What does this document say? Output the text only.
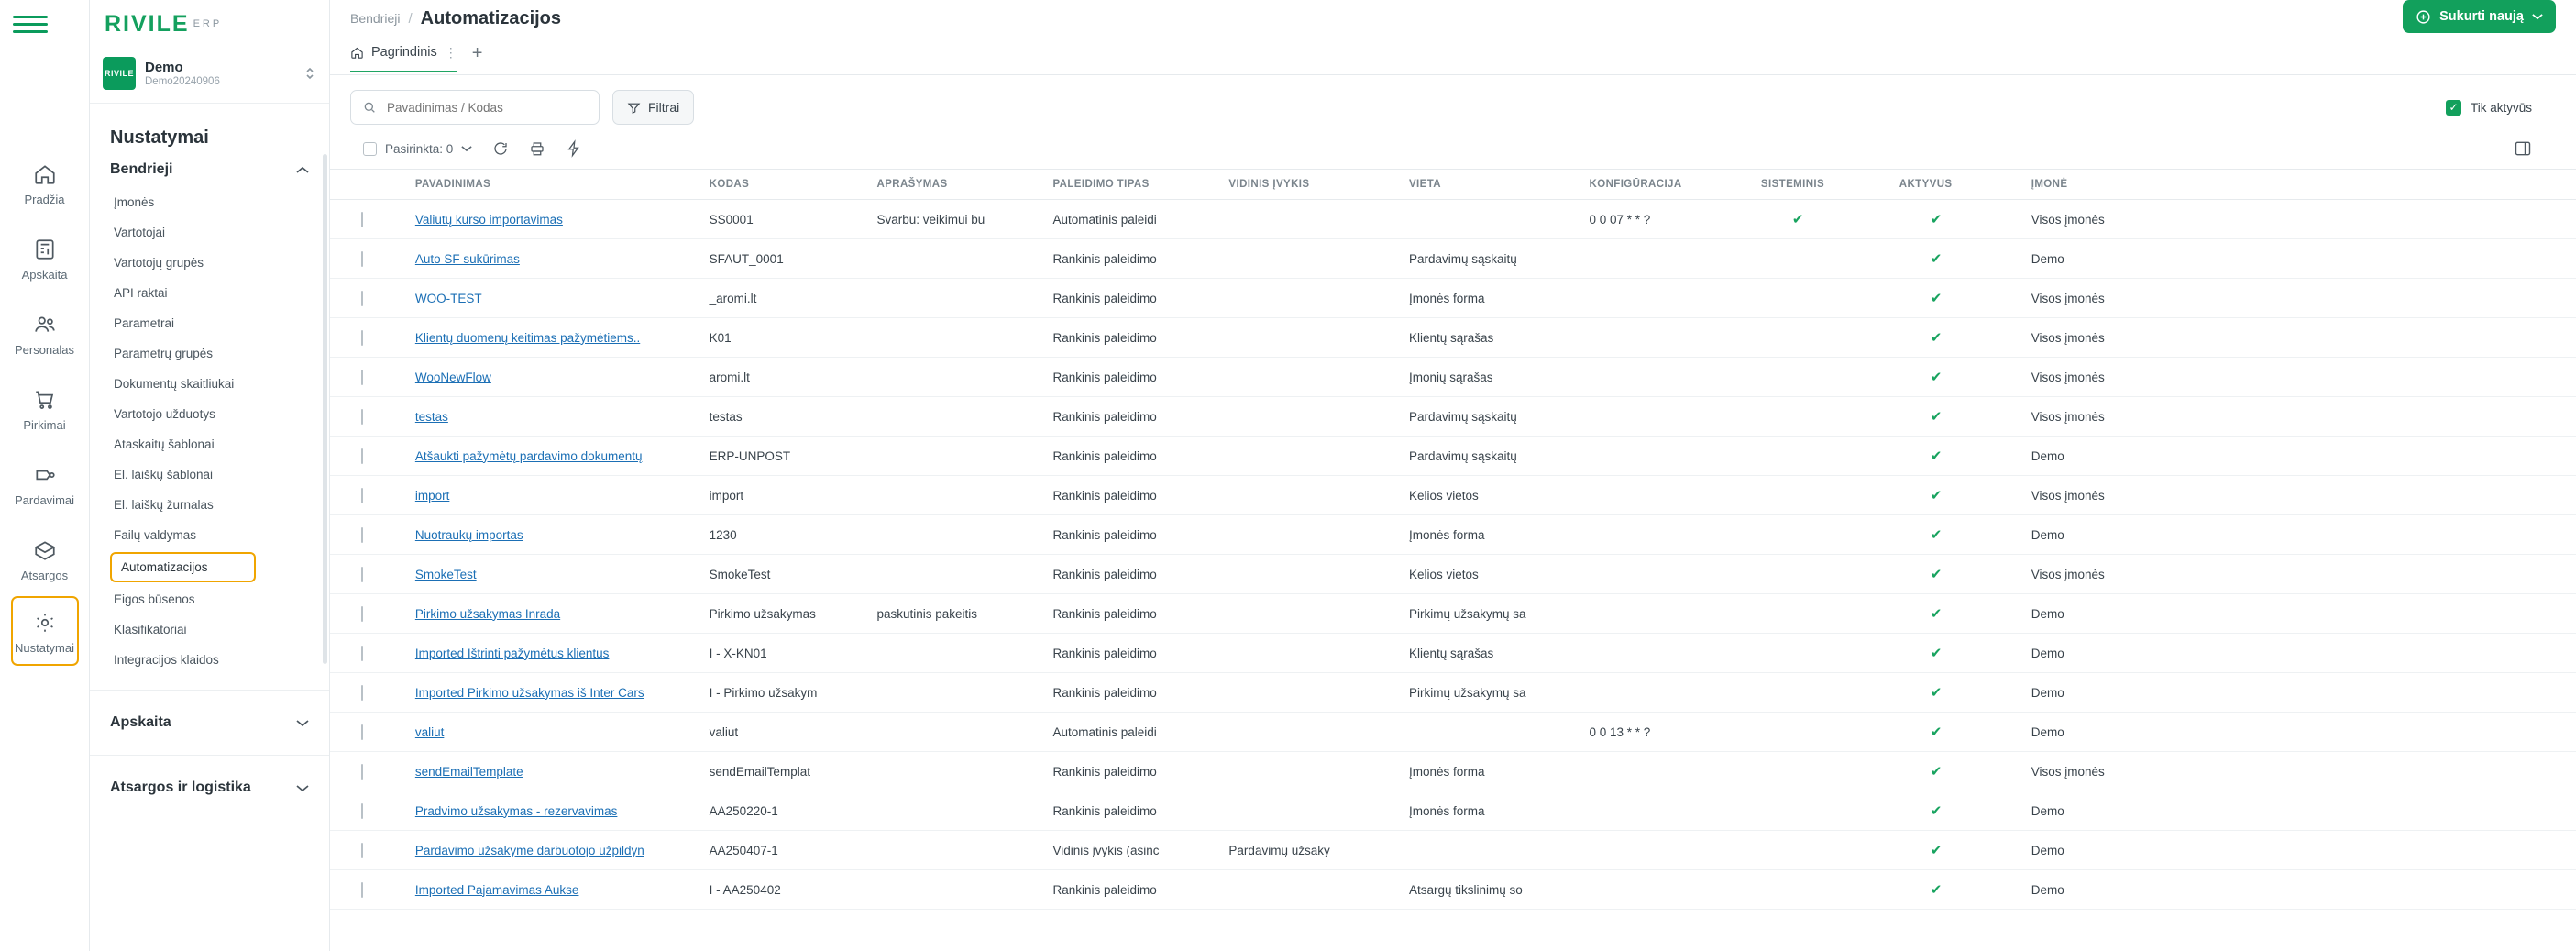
Pradžia
Apskaita
Personalas
Pirkimai
Pardavimai
Atsargos
Nustatymai
RIVILE ERP
RIVILE Demo
Demo20240906
Nustatymai
Bendrieji
Įmonės
Vartotojai
Vartotojų grupės
API raktai
Parametrai
Parametrų grupės
Dokumentų skaitliukai
Vartotojo užduotys
Ataskaitų šablonai
El. laiškų šablonai
El. laiškų žurnalas
Failų valdymas
Automatizacijos
Eigos būsenos
Klasifikatoriai
Integracijos klaidos
Apskaita
Atsargos ir logistika
Bendrieji / Automatizacijos	Sukurti naują
Pagrindinis ⋮ +
Pavadinimas / Kodas
Filtrai	✓ Tik aktyvūs
Pasirinkta: 0
	PAVADINIMAS	KODAS	APRAŠYMAS	PALEIDIMO TIPAS	VIDINIS ĮVYKIS	VIETA	KONFIGŪRACIJA	SISTEMINIS	AKTYVUS	ĮMONĖ	
	Valiutų kurso importavimas	SS0001	Svarbu: veikimui bu	Automatinis paleidi			0 0 07 * * ?	✔	✔	Visos įmonės	
	Auto SF sukūrimas	SFAUT_0001		Rankinis paleidimo		Pardavimų sąskaitų			✔	Demo	
	WOO-TEST	_aromi.lt		Rankinis paleidimo		Įmonės forma			✔	Visos įmonės	
	Klientų duomenų keitimas pažymėtiems..	K01		Rankinis paleidimo		Klientų sąrašas			✔	Visos įmonės	
	WooNewFlow	aromi.lt		Rankinis paleidimo		Įmonių sąrašas			✔	Visos įmonės	
	testas	testas		Rankinis paleidimo		Pardavimų sąskaitų			✔	Visos įmonės	
	Atšaukti pažymėtų pardavimo dokumentų	ERP-UNPOST		Rankinis paleidimo		Pardavimų sąskaitų			✔	Demo	
	import	import		Rankinis paleidimo		Kelios vietos			✔	Visos įmonės	
	Nuotraukų importas	1230		Rankinis paleidimo		Įmonės forma			✔	Demo	
	SmokeTest	SmokeTest		Rankinis paleidimo		Kelios vietos			✔	Visos įmonės	
	Pirkimo užsakymas Inrada	Pirkimo užsakymas	paskutinis pakeitis	Rankinis paleidimo		Pirkimų užsakymų sa			✔	Demo	
	Imported Ištrinti pažymėtus klientus	I - X-KN01		Rankinis paleidimo		Klientų sąrašas			✔	Demo	
	Imported Pirkimo užsakymas iš Inter Cars	I - Pirkimo užsakym		Rankinis paleidimo		Pirkimų užsakymų sa			✔	Demo	
	valiut	valiut		Automatinis paleidi			0 0 13 * * ?		✔	Demo	
	sendEmailTemplate	sendEmailTemplat		Rankinis paleidimo		Įmonės forma			✔	Visos įmonės	
	Pradvimo užsakymas - rezervavimas	AA250220-1		Rankinis paleidimo		Įmonės forma			✔	Demo	
	Pardavimo užsakyme darbuotojo užpildyn	AA250407-1		Vidinis įvykis (asinc	Pardavimų užsaky				✔	Demo	
	Imported Pajamavimas Aukse	I - AA250402		Rankinis paleidimo		Atsargų tikslinimų so			✔	Demo	
